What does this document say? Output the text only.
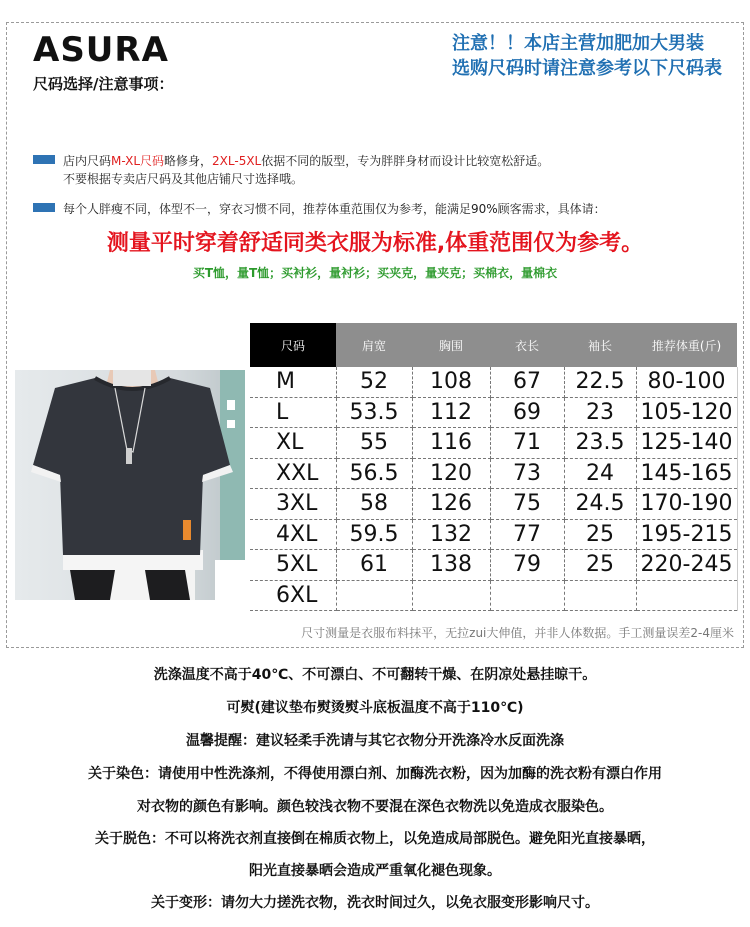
ASURA
尺码选择/注意事项：
注意！！本店主营加肥加大男装
选购尺码时请注意参考以下尺码表
店内尺码M-XL尺码略修身，2XL-5XL依据不同的版型，专为胖胖身材而设计比较宽松舒适。
不要根据专卖店尺码及其他店铺尺寸选择哦。
每个人胖瘦不同，体型不一，穿衣习惯不同，推荐体重范围仅为参考，能满足90%顾客需求，具体请：
测量平时穿着舒适同类衣服为标准,体重范围仅为参考。
买T恤，量T恤；买衬衫，量衬衫；买夹克，量夹克；买棉衣，量棉衣
尺码	肩宽	胸围	衣长	袖长	推荐体重(斤)
M	52	108	67	22.5	80-100
L	53.5	112	69	23	105-120
XL	55	116	71	23.5	125-140
XXL	56.5	120	73	24	145-165
3XL	58	126	75	24.5	170-190
4XL	59.5	132	77	25	195-215
5XL	61	138	79	25	220-245
6XL					
尺寸测量是衣服布料抹平，无拉zui大伸值，并非人体数据。手工测量误差2-4厘米
洗涤温度不高于40℃、不可漂白、不可翻转干燥、在阴凉处悬挂晾干。
可熨(建议垫布熨烫熨斗底板温度不高于110℃)
温馨提醒：建议轻柔手洗请与其它衣物分开洗涤冷水反面洗涤
关于染色：请使用中性洗涤剂，不得使用漂白剂、加酶洗衣粉，因为加酶的洗衣粉有漂白作用
对衣物的颜色有影响。颜色较浅衣物不要混在深色衣物洗以免造成衣服染色。
关于脱色：不可以将洗衣剂直接倒在棉质衣物上，以免造成局部脱色。避免阳光直接暴晒，
阳光直接暴晒会造成严重氧化褪色现象。
关于变形：请勿大力搓洗衣物，洗衣时间过久，以免衣服变形影响尺寸。
